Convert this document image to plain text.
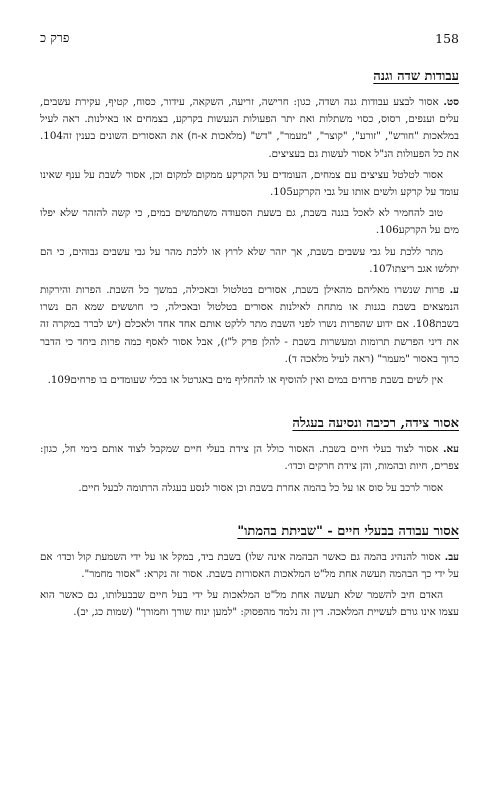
פרק כ	158
עבודות שדה וגנה

סט. אסור לבצע עבודות גנה ושדה, כגון: חרישה, זריעה, השקאה, עידור, כסוח, קטיף, עקירת עשבים, עלים וענפים, רסוס, כסוי משתלות ואת יתר הפעולות הנעשות בקרקע, בצמחים או באילנות. ראה לעיל במלאכות "חורש", "זורע", "קוצר", "מעמר", "דש" (מלאכות א-ח) את האסורים השונים בענין זה104. את כל הפעולות הנ"ל אסור לעשות גם בעציצים.

אסור לטלטל עציצים עם צמחים, העומדים על הקרקע ממקום למקום וכן, אסור לשבת על ענף שאינו עומד על קרקע ולשים אותו על גבי הקרקע105.

טוב להחמיר לא לאכל בגנה בשבת, גם בשעת הסעודה משתמשים במים, כי קשה להזהר שלא יפלו מים על הקרקע106.

מתר ללכת על גבי עשבים בשבת, אך יזהר שלא לרוץ או ללכת מהר על גבי עשבים גבוהים, כי הם יתלשו אגב ריצתו107.

ע. פרות שנשרו מאליהם מהאילן בשבת, אסורים בטלטול ובאכילה, במשך כל השבת. הפרות והירקות הנמצאים בשבת בגנות או מתחת לאילנות אסורים בטלטול ובאכילה, כי חוששים שמא הם נשרו בשבת108. אם ידוע שהפרות נשרו לפני השבת מתר ללקט אותם אחד אחד ולאכלם (יש לברר במקרה זה את דיני הפרשת תרומות ומעשרות בשבת - להלן פרק ל"ז), אבל אסור לאסף כמה פרות ביחד כי הדבר כרוך באסור "מעמר" (ראה לעיל מלאכה ד).

אין לשים בשבת פרחים במים ואין להוסיף או להחליף מים באגרטל או בכלי שעומדים בו פרחים109.

אסור צידה, רכיבה ונסיעה בעגלה

עא. אסור לצוד בעלי חיים בשבת. האסור כולל הן צידת בעלי חיים שמקבל לצוד אותם בימי חל, כגון: צפרים, חיות ובהמות, והן צידת חרקים וכדו׳.

אסור לרכב על סוס או על כל בהמה אחרת בשבת וכן אסור לנסע בעגלה הרתומה לבעל חיים.

אסור עבודה בבעלי חיים - "שביתת בהמתו"

עב. אסור להנהיג בהמה גם כאשר הבהמה אינה שלו) בשבת ביד, במקל או על ידי השמעת קול וכדו׳ אם על ידי כך הבהמה תעשה אחת מל"ט המלאכות האסורות בשבת. אסור זה נקרא: "אסור מחמר".

האדם חיב להשמר שלא תעשה אחת מל"ט המלאכות על ידי בעל חיים שבבעלותו, גם כאשר הוא עצמו אינו גורם לעשיית המלאכה. דין זה נלמד מהפסוק: "למען ינוח שורך וחמורך" (שמות כג, יב).
